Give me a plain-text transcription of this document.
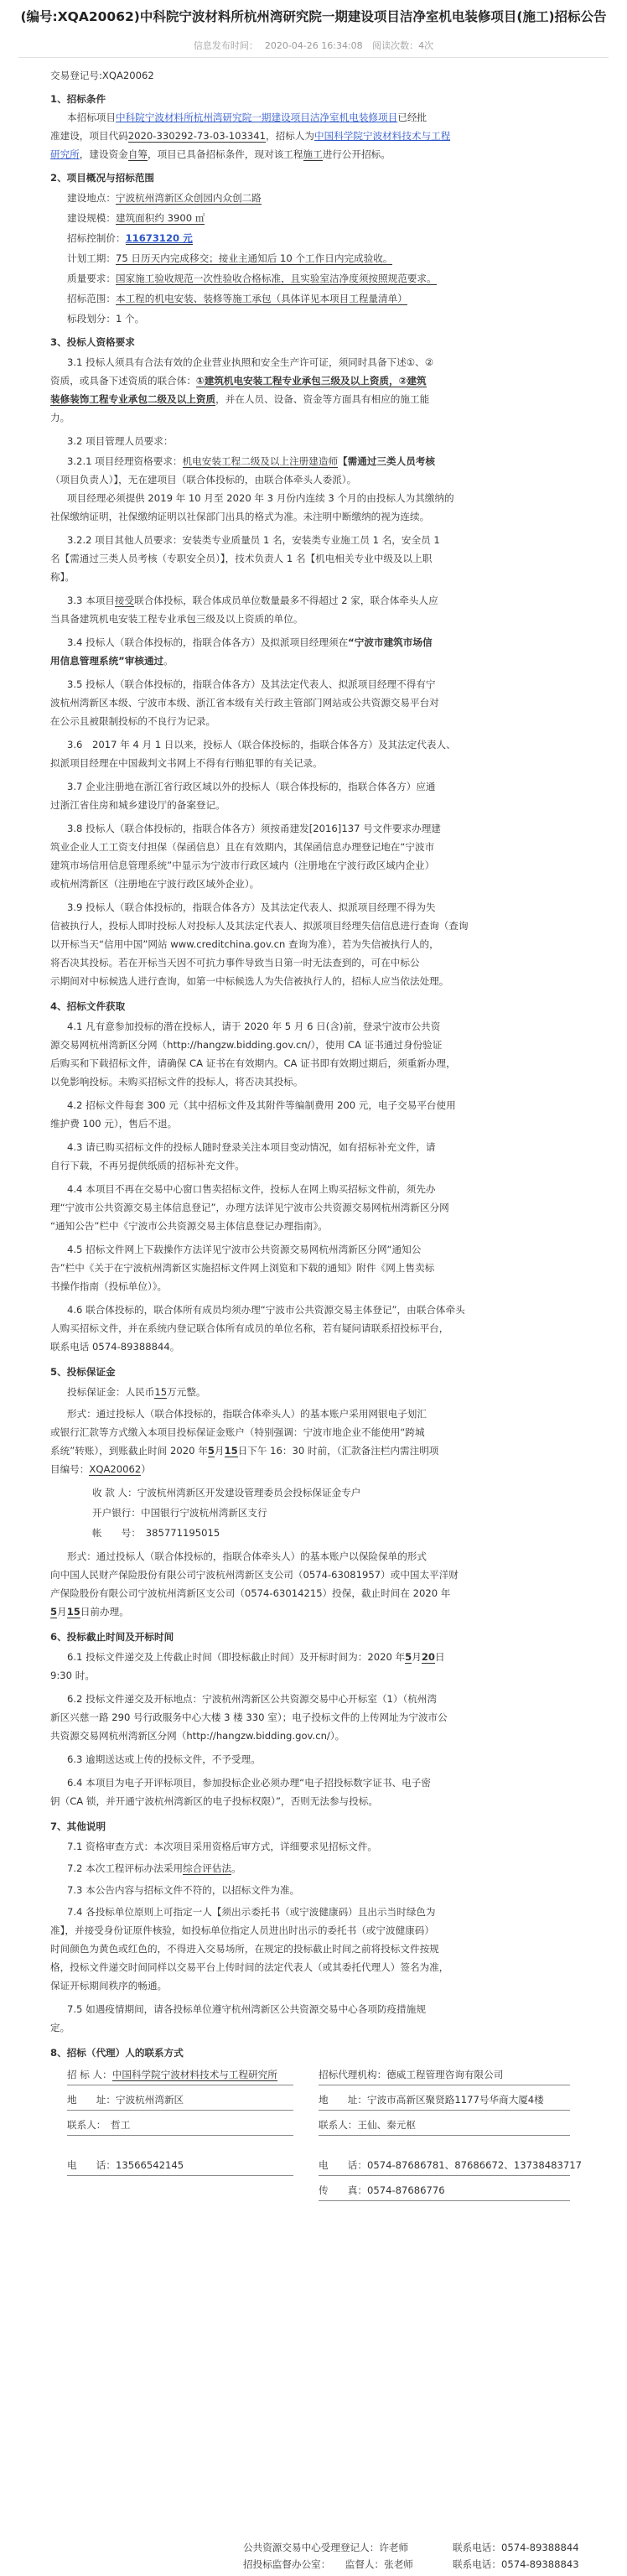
(编号:XQA20062)中科院宁波材料所杭州湾研究院一期建设项目洁净室机电装修项目(施工)招标公告
信息发布时间： 2020-04-26 16:34:08 阅读次数：4次
交易登记号:XQA20062
1、招标条件
本招标项目中科院宁波材料所杭州湾研究院一期建设项目洁净室机电装修项目已经批
准建设，项目代码2020-330292-73-03-103341，招标人为中国科学院宁波材料技术与工程
研究所，建设资金自筹，项目已具备招标条件，现对该工程施工进行公开招标。
2、项目概况与招标范围
建设地点：宁波杭州湾新区众创园内众创二路
建设规模：建筑面积约 3900 ㎡
招标控制价：11673120 元
计划工期：75 日历天内完成移交；接业主通知后 10 个工作日内完成验收。
质量要求：国家施工验收规范一次性验收合格标准，且实验室洁净度须按照规范要求。
招标范围：本工程的机电安装、装修等施工承包（具体详见本项目工程量清单）
标段划分：1 个。
3、投标人资格要求
3.1 投标人须具有合法有效的企业营业执照和安全生产许可证，须同时具备下述①、②
资质，或具备下述资质的联合体：①建筑机电安装工程专业承包三级及以上资质，②建筑
装修装饰工程专业承包二级及以上资质，并在人员、设备、资金等方面具有相应的施工能
力。
3.2 项目管理人员要求：
3.2.1 项目经理资格要求：机电安装工程二级及以上注册建造师【需通过三类人员考核
（项目负责人）】，无在建项目（联合体投标的，由联合体牵头人委派）。
项目经理必须提供 2019 年 10 月至 2020 年 3 月份内连续 3 个月的由投标人为其缴纳的
社保缴纳证明，社保缴纳证明以社保部门出具的格式为准。未注明中断缴纳的视为连续。
3.2.2 项目其他人员要求：安装类专业质量员 1 名，安装类专业施工员 1 名，安全员 1
名【需通过三类人员考核（专职安全员）】，技术负责人 1 名【机电相关专业中级及以上职
称】。
3.3 本项目接受联合体投标，联合体成员单位数量最多不得超过 2 家，联合体牵头人应
当具备建筑机电安装工程专业承包三级及以上资质的单位。
3.4 投标人（联合体投标的，指联合体各方）及拟派项目经理须在“宁波市建筑市场信
用信息管理系统”审核通过。
3.5 投标人（联合体投标的，指联合体各方）及其法定代表人、拟派项目经理不得有宁
波杭州湾新区本级、宁波市本级、浙江省本级有关行政主管部门网站或公共资源交易平台对
在公示且被限制投标的不良行为记录。
3.6　2017 年 4 月 1 日以来，投标人（联合体投标的，指联合体各方）及其法定代表人、
拟派项目经理在中国裁判文书网上不得有行贿犯罪的有关记录。
3.7 企业注册地在浙江省行政区域以外的投标人（联合体投标的，指联合体各方）应通
过浙江省住房和城乡建设厅的备案登记。
3.8 投标人（联合体投标的，指联合体各方）须按甬建发[2016]137 号文件要求办理建
筑业企业人工工资支付担保（保函信息）且在有效期内，其保函信息办理登记地在“宁波市
建筑市场信用信息管理系统”中显示为宁波市行政区域内（注册地在宁波行政区域内企业）
或杭州湾新区（注册地在宁波行政区域外企业）。
3.9 投标人（联合体投标的，指联合体各方）及其法定代表人、拟派项目经理不得为失
信被执行人，投标人即时投标人对投标人及其法定代表人、拟派项目经理失信信息进行查询（查询
以开标当天“信用中国”网站 www.creditchina.gov.cn 查询为准），若为失信被执行人的，
将否决其投标。若在开标当天因不可抗力事件导致当日第一时无法查到的，可在中标公
示期间对中标候选人进行查询，如第一中标候选人为失信被执行人的，招标人应当依法处理。
4、招标文件获取
4.1 凡有意参加投标的潜在投标人，请于 2020 年 5 月 6 日(含)前，登录宁波市公共资
源交易网杭州湾新区分网（http://hangzw.bidding.gov.cn/），使用 CA 证书通过身份验证
后购买和下载招标文件，请确保 CA 证书在有效期内。CA 证书即有效期过期后，须重新办理，
以免影响投标。未购买招标文件的投标人，将否决其投标。
4.2 招标文件每套 300 元（其中招标文件及其附件等编制费用 200 元，电子交易平台使用
维护费 100 元），售后不退。
4.3 请已购买招标文件的投标人随时登录关注本项目变动情况，如有招标补充文件，请
自行下载，不再另提供纸质的招标补充文件。
4.4 本项目不再在交易中心窗口售卖招标文件，投标人在网上购买招标文件前，须先办
理“宁波市公共资源交易主体信息登记”，办理方法详见宁波市公共资源交易网杭州湾新区分网
“通知公告”栏中《宁波市公共资源交易主体信息登记办理指南》。
4.5 招标文件网上下载操作方法详见宁波市公共资源交易网杭州湾新区分网“通知公
告”栏中《关于在宁波杭州湾新区实施招标文件网上浏览和下载的通知》附件《网上售卖标
书操作指南（投标单位）》。
4.6 联合体投标的，联合体所有成员均须办理“宁波市公共资源交易主体登记”，由联合体牵头
人购买招标文件，并在系统内登记联合体所有成员的单位名称，若有疑问请联系招投标平台，
联系电话 0574-89388844。
5、投标保证金
投标保证金：人民币15万元整。
形式：通过投标人（联合体投标的，指联合体牵头人）的基本账户采用网银电子划汇
或银行汇款等方式缴入本项目投标保证金账户（特别强调：宁波市地企业不能使用“跨城
系统”转账），到账截止时间 2020 年5月15日下午 16：30 时前，（汇款备注栏内需注明项
目编号：XQA20062）
收 款 人：宁波杭州湾新区开发建设管理委员会投标保证金专户
开户银行：中国银行宁波杭州湾新区支行
帐　　号：　385771195015
形式：通过投标人（联合体投标的，指联合体牵头人）的基本账户以保险保单的形式
向中国人民财产保险股份有限公司宁波杭州湾新区支公司（0574-63081957）或中国太平洋财
产保险股份有限公司宁波杭州湾新区支公司（0574-63014215）投保，截止时间在 2020 年
5月15日前办理。
6、投标截止时间及开标时间
6.1 投标文件递交及上传截止时间（即投标截止时间）及开标时间为：2020 年5月20日
9:30 时。
6.2 投标文件递交及开标地点：宁波杭州湾新区公共资源交易中心开标室（1）（杭州湾
新区兴慈一路 290 号行政服务中心大楼 3 楼 330 室）；电子投标文件的上传网址为宁波市公
共资源交易网杭州湾新区分网（http://hangzw.bidding.gov.cn/）。
6.3 逾期送达或上传的投标文件，不予受理。
6.4 本项目为电子开评标项目，参加投标企业必须办理“电子招投标数字证书、电子密
钥（CA 锁，并开通宁波杭州湾新区的电子投标权限）”，否则无法参与投标。
7、其他说明
7.1 资格审查方式：本次项目采用资格后审方式，详细要求见招标文件。
7.2 本次工程评标办法采用综合评估法。
7.3 本公告内容与招标文件不符的，以招标文件为准。
7.4 各投标单位原则上可指定一人【须出示委托书（或宁波健康码）且出示当时绿色为
准】，并接受身份证原件核验，如投标单位指定人员进出时出示的委托书（或宁波健康码）
时间颜色为黄色或红色的，不得进入交易场所，在规定的投标截止时间之前将投标文件按规
格，投标文件递交时间同样以交易平台上传时间的法定代表人（或其委托代理人）签名为准，
保证开标期间秩序的畅通。
7.5 如遇疫情期间，请各投标单位遵守杭州湾新区公共资源交易中心各项防疫措施规
定。
8、招标（代理）人的联系方式
招 标 人：中国科学院宁波材料技术与工程研究所
地　　址：宁波杭州湾新区
联系人：　哲工
电　　话：13566542145
招标代理机构：德威工程管理咨询有限公司
地　　址：宁波市高新区聚贤路1177号华商大厦4楼
联系人：王仙、秦元枢
电　　话：0574-87686781、87686672、13738483717
传　　真：0574-87686776
公共资源交易中心受理登记人：许老师	联系电话：0574-89388844
招投标监督办公室：　　监督人：张老师	联系电话：0574-89388843
